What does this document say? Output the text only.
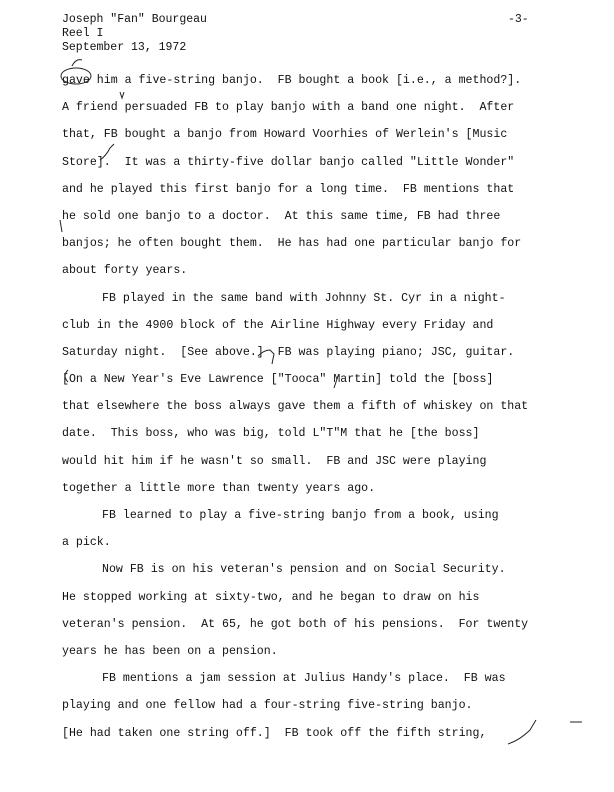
Joseph "Fan" Bourgeau
Reel I
September 13, 1972
-3-
gave him a five-string banjo.  FB bought a book [i.e., a method?].
A friend persuaded FB to play banjo with a band one night.  After
that, FB bought a banjo from Howard Voorhies of Werlein's [Music
Store].  It was a thirty-five dollar banjo called "Little Wonder"
and he played this first banjo for a long time.  FB mentions that
he sold one banjo to a doctor.  At this same time, FB had three
banjos; he often bought them.  He has had one particular banjo for
about forty years.
FB played in the same band with Johnny St. Cyr in a night-
club in the 4900 block of the Airline Highway every Friday and
Saturday night.  [See above.]  FB was playing piano; JSC, guitar.
[On a New Year's Eve Lawrence ["Tooca" Martin] told the [boss]
that elsewhere the boss always gave them a fifth of whiskey on that
date.  This boss, who was big, told L"T"M that he [the boss]
would hit him if he wasn't so small.  FB and JSC were playing
together a little more than twenty years ago.
FB learned to play a five-string banjo from a book, using
a pick.
Now FB is on his veteran's pension and on Social Security.
He stopped working at sixty-two, and he began to draw on his
veteran's pension.  At 65, he got both of his pensions.  For twenty
years he has been on a pension.
FB mentions a jam session at Julius Handy's place.  FB was
playing and one fellow had a four-string five-string banjo.
[He had taken one string off.]  FB took off the fifth string,
